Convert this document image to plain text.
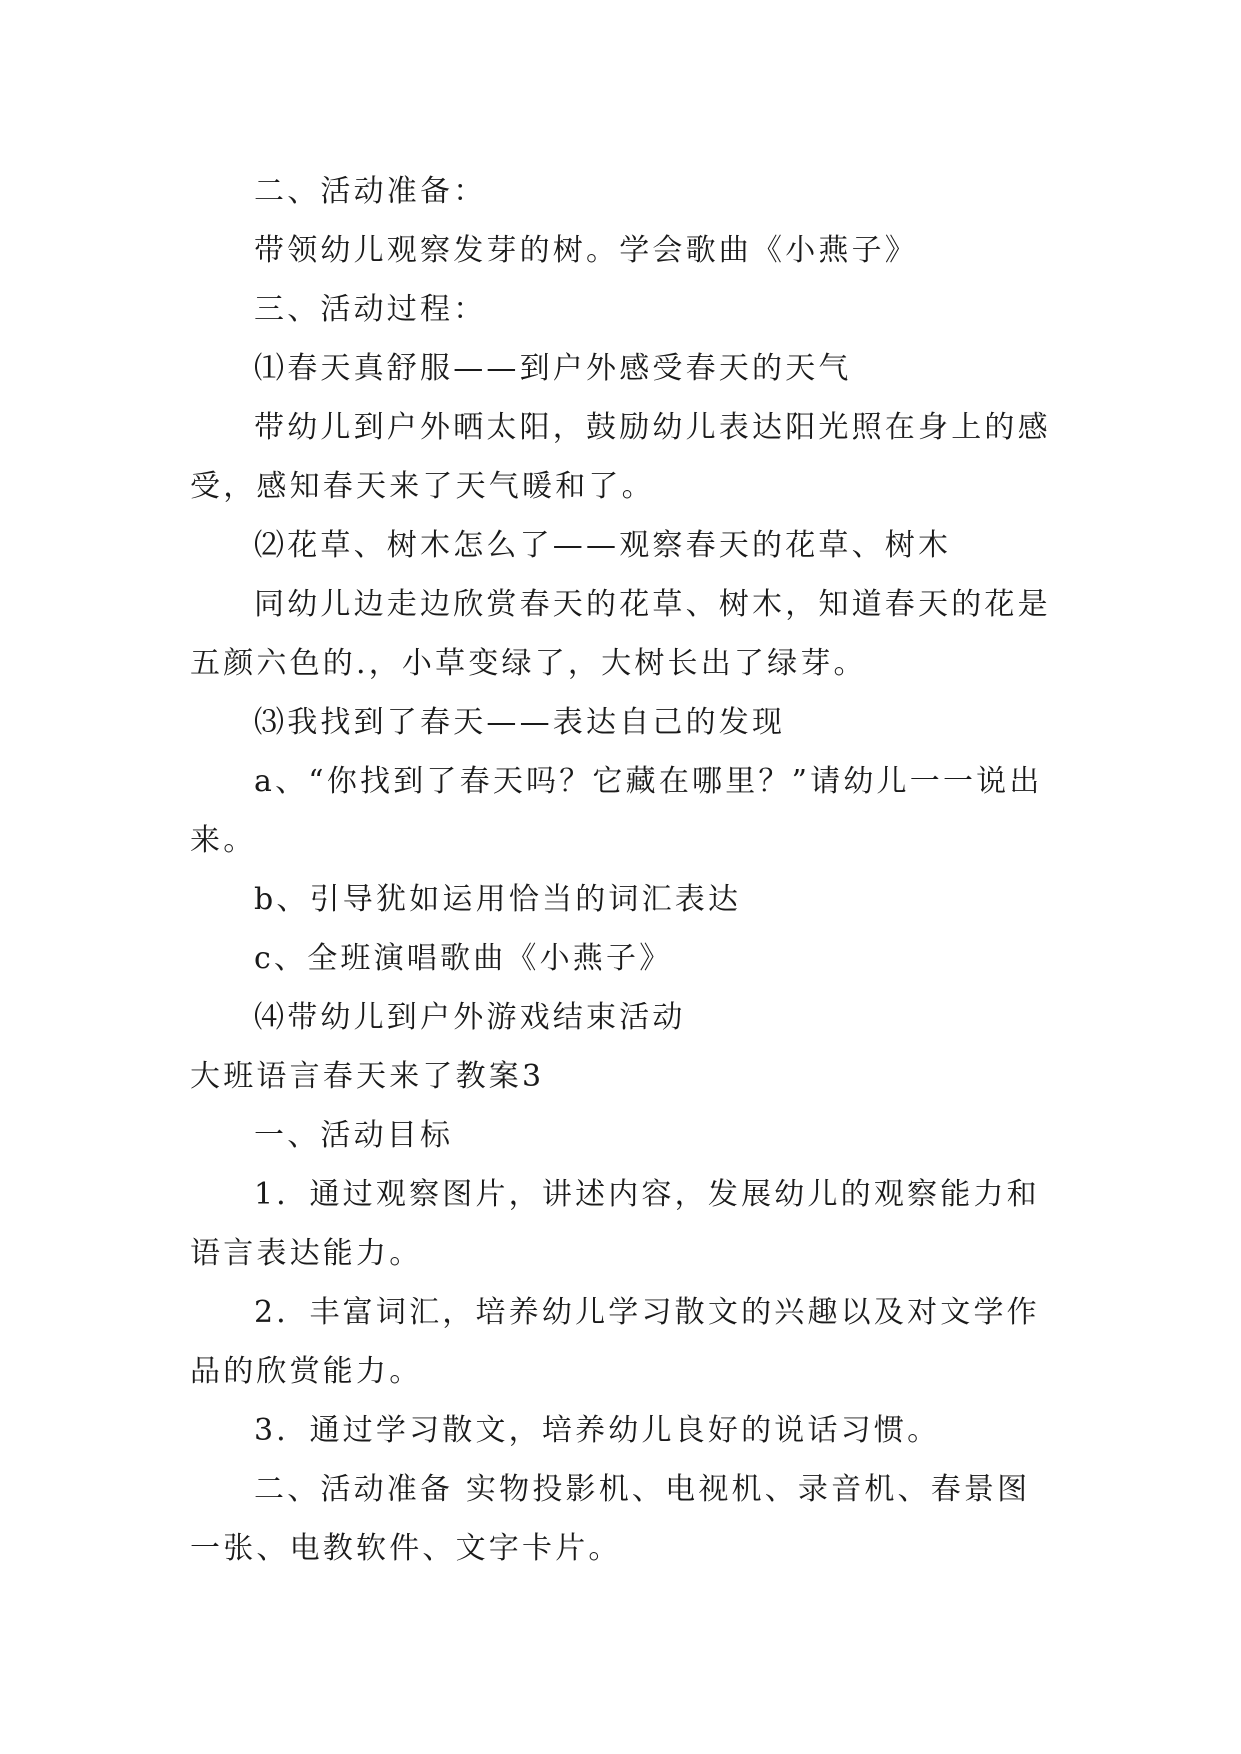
二、活动准备：

带领幼儿观察发芽的树。学会歌曲《小燕子》

三、活动过程：

⑴春天真舒服——到户外感受春天的天气

带幼儿到户外晒太阳，鼓励幼儿表达阳光照在身上的感受，感知春天来了天气暖和了。

⑵花草、树木怎么了——观察春天的花草、树木

同幼儿边走边欣赏春天的花草、树木，知道春天的花是五颜六色的.，小草变绿了，大树长出了绿芽。

⑶我找到了春天——表达自己的发现

a、“你找到了春天吗？它藏在哪里？”请幼儿一一说出来。

b、引导犹如运用恰当的词汇表达

c、全班演唱歌曲《小燕子》

⑷带幼儿到户外游戏结束活动

大班语言春天来了教案3

一、活动目标

1．通过观察图片，讲述内容，发展幼儿的观察能力和语言表达能力。

2．丰富词汇，培养幼儿学习散文的兴趣以及对文学作品的欣赏能力。

3．通过学习散文，培养幼儿良好的说话习惯。

二、活动准备 实物投影机、电视机、录音机、春景图一张、电教软件、文字卡片。
